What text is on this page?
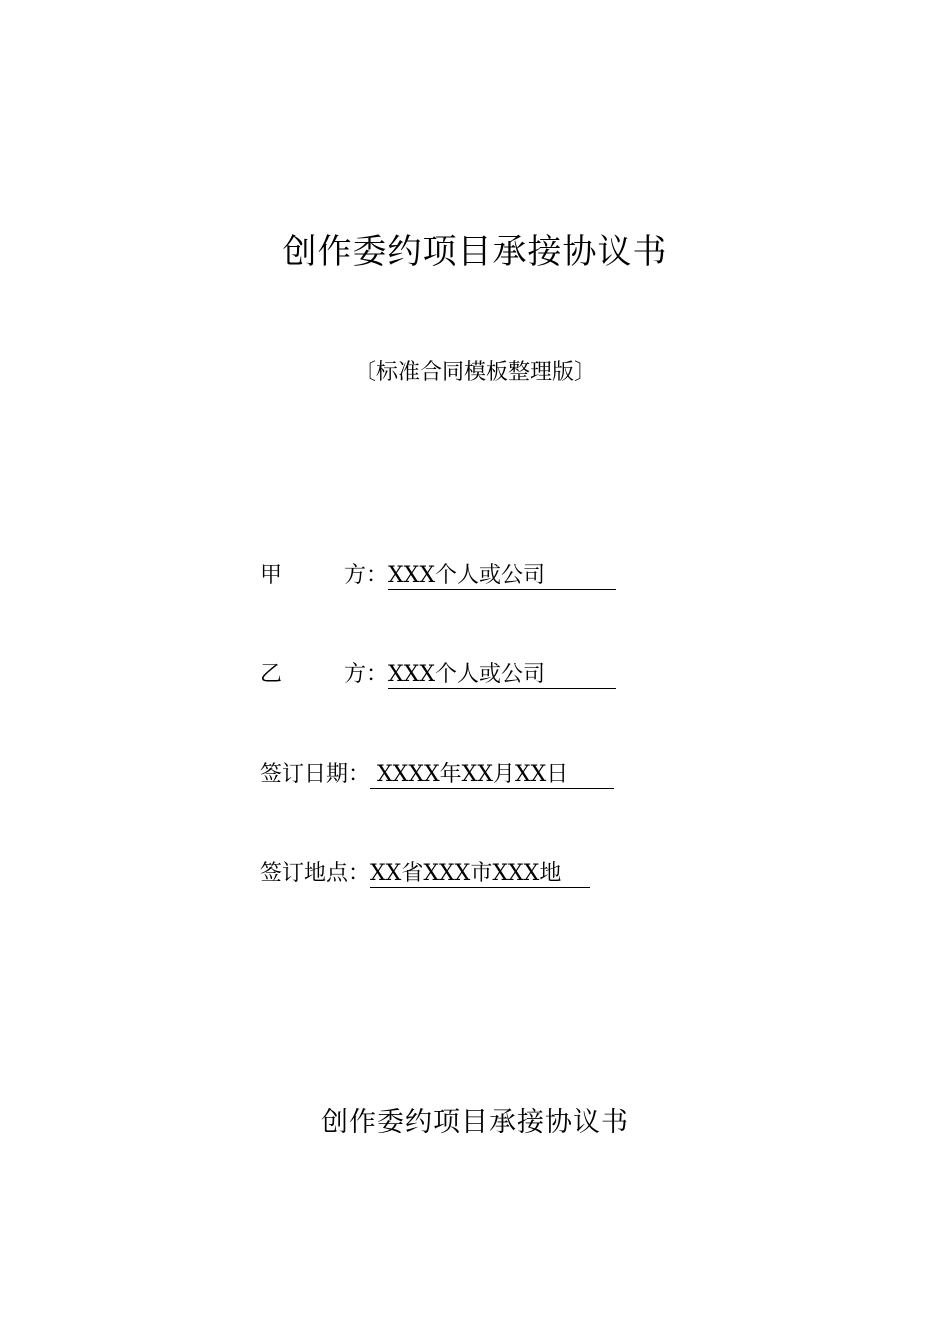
创作委约项目承接协议书
〔标准合同模板整理版〕
甲	方： XXX个人或公司
乙	方： XXX个人或公司
签订日期： XXXX年XX月XX日
签订地点：XX省XXX市XXX地
创作委约项目承接协议书
